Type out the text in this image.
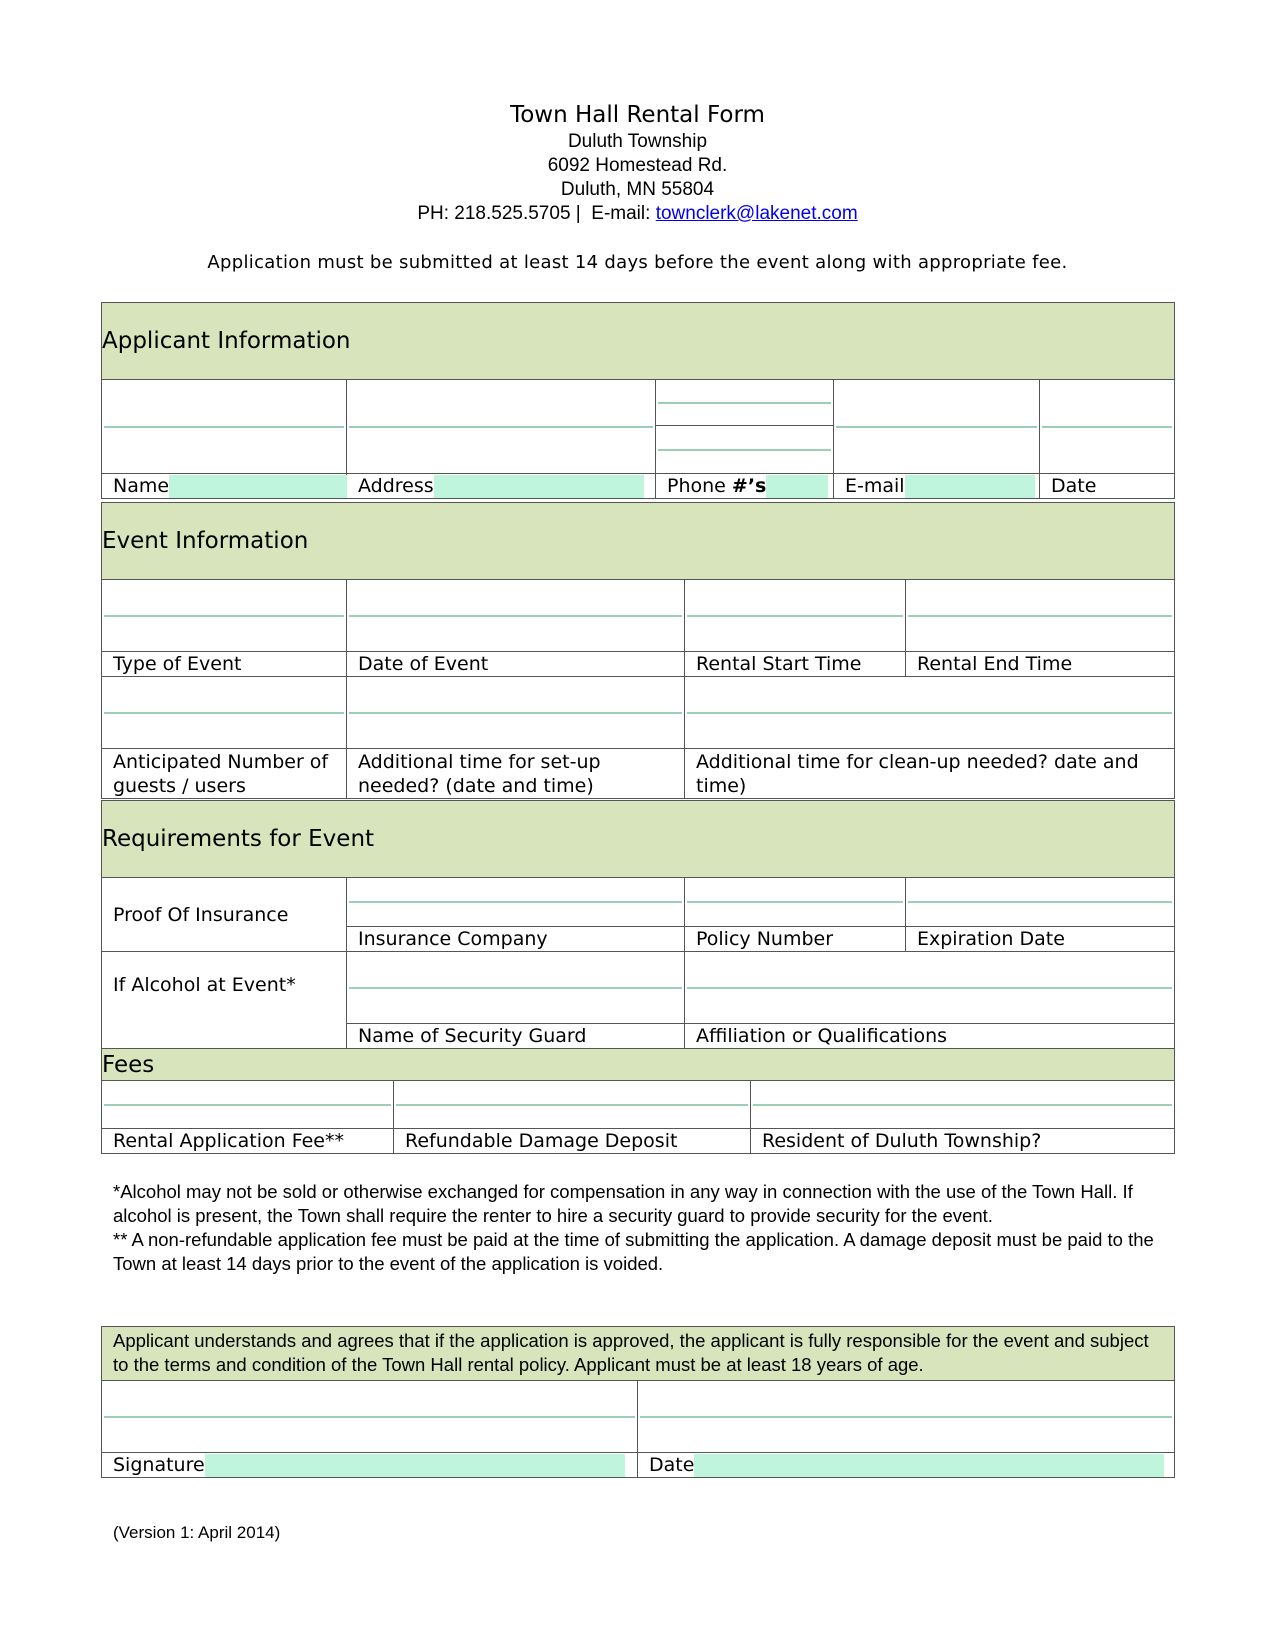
Town Hall Rental Form
Duluth Township
6092 Homestead Rd.
Duluth, MN 55804
PH: 218.525.5705 |  E-mail: townclerk@lakenet.com
Application must be submitted at least 14 days before the event along with appropriate fee.
Applicant Information				

Name	Address	Phone #’s	E-mail	Date
Event Information			

Type of Event	Date of Event	Rental Start Time	Rental End Time

Anticipated Number of guests / users	Additional time for set-up needed? (date and time)	Additional time for clean-up needed? date and time)	
Requirements for Event			
Proof Of Insurance	

	Insurance Company	Policy Number	Expiration Date
If Alcohol at Event*		

	Name of Security Guard	Affiliation or Qualifications	
Fees		

Rental Application Fee**	Refundable Damage Deposit	Resident of Duluth Township?
*Alcohol may not be sold or otherwise exchanged for compensation in any way in connection with the use of the Town Hall. If alcohol is present, the Town shall require the renter to hire a security guard to provide security for the event.
** A non-refundable application fee must be paid at the time of submitting the application. A damage deposit must be paid to the Town at least 14 days prior to the event of the application is voided.
Applicant understands and agrees that if the application is approved, the applicant is fully responsible for the event and subject to the terms and condition of the Town Hall rental policy. Applicant must be at least 18 years of age.	

Signature	Date
(Version 1: April 2014)
